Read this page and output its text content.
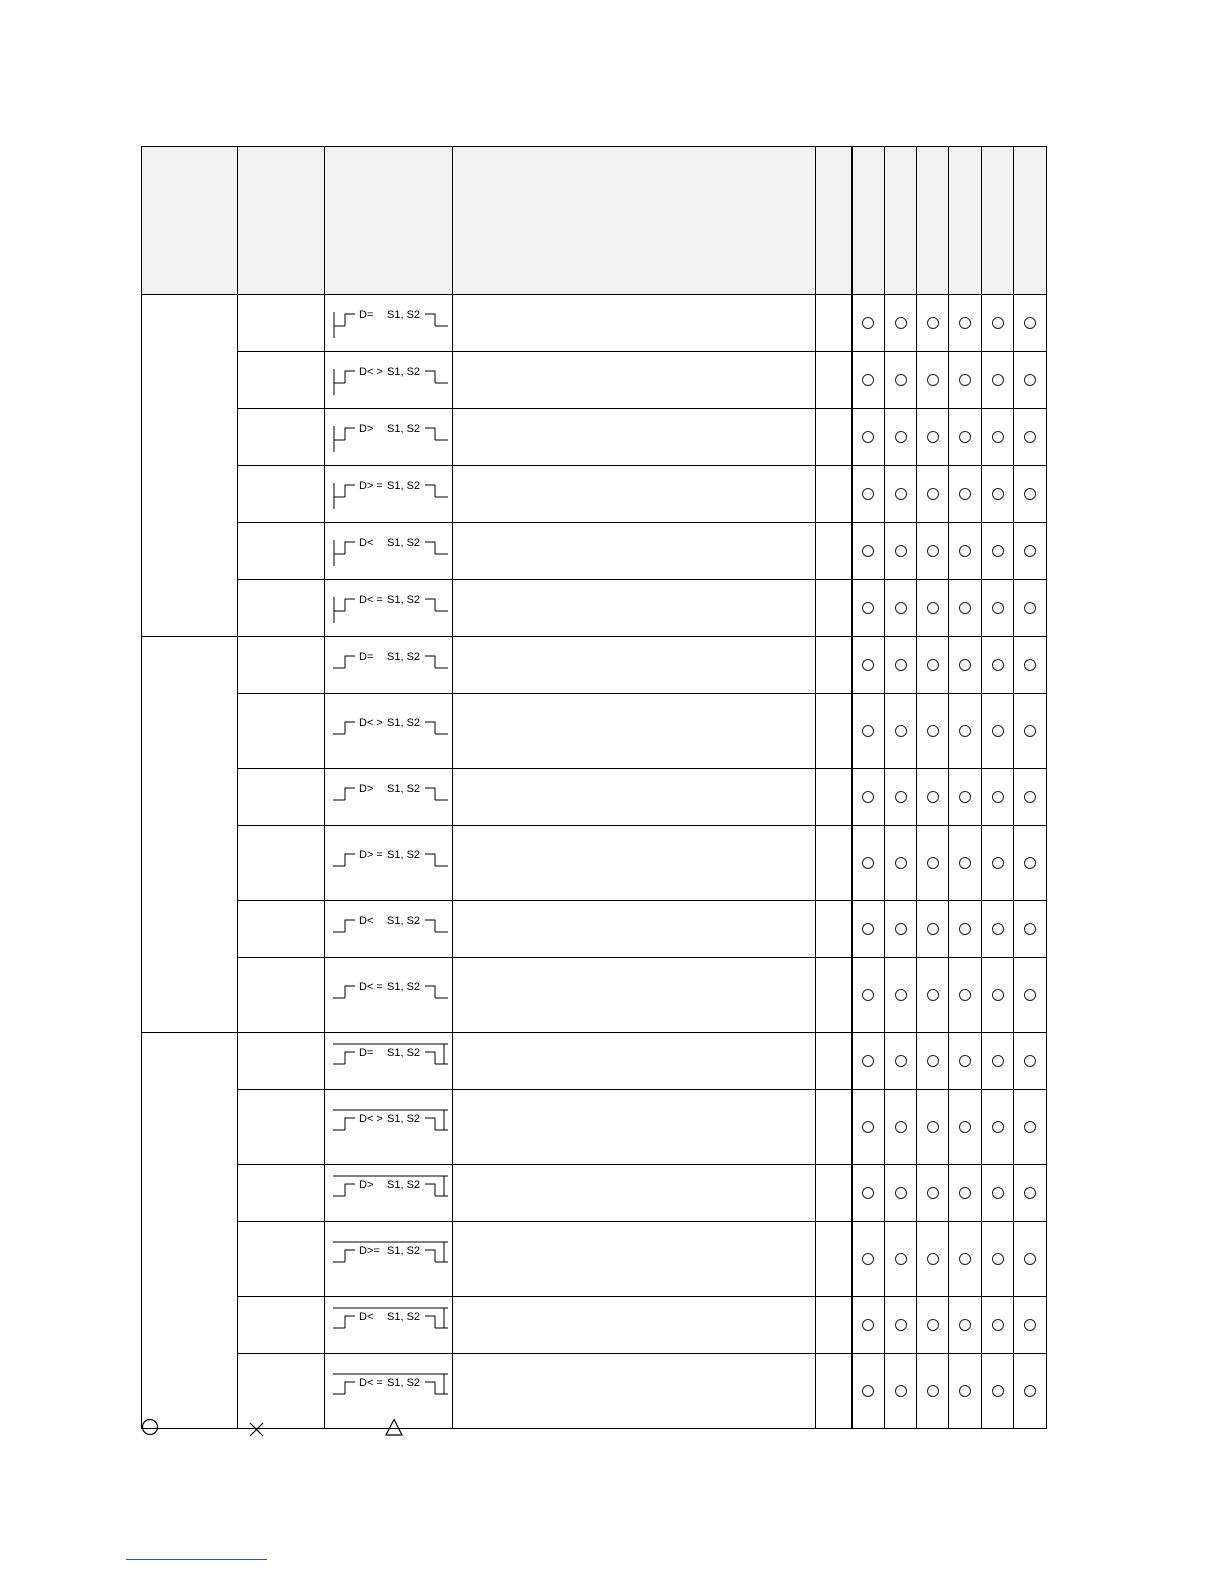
D= S1, S2								

D< > S1, S2								

D> S1, S2								

D> = S1, S2								

D< S1, S2								

D< = S1, S2								

D= S1, S2								

D< > S1, S2								

D> S1, S2								

D> = S1, S2								

D< S1, S2								

D< = S1, S2								

D= S1, S2								

D< > S1, S2								

D> S1, S2								

D>= S1, S2								

D< S1, S2								

D< = S1, S2								
